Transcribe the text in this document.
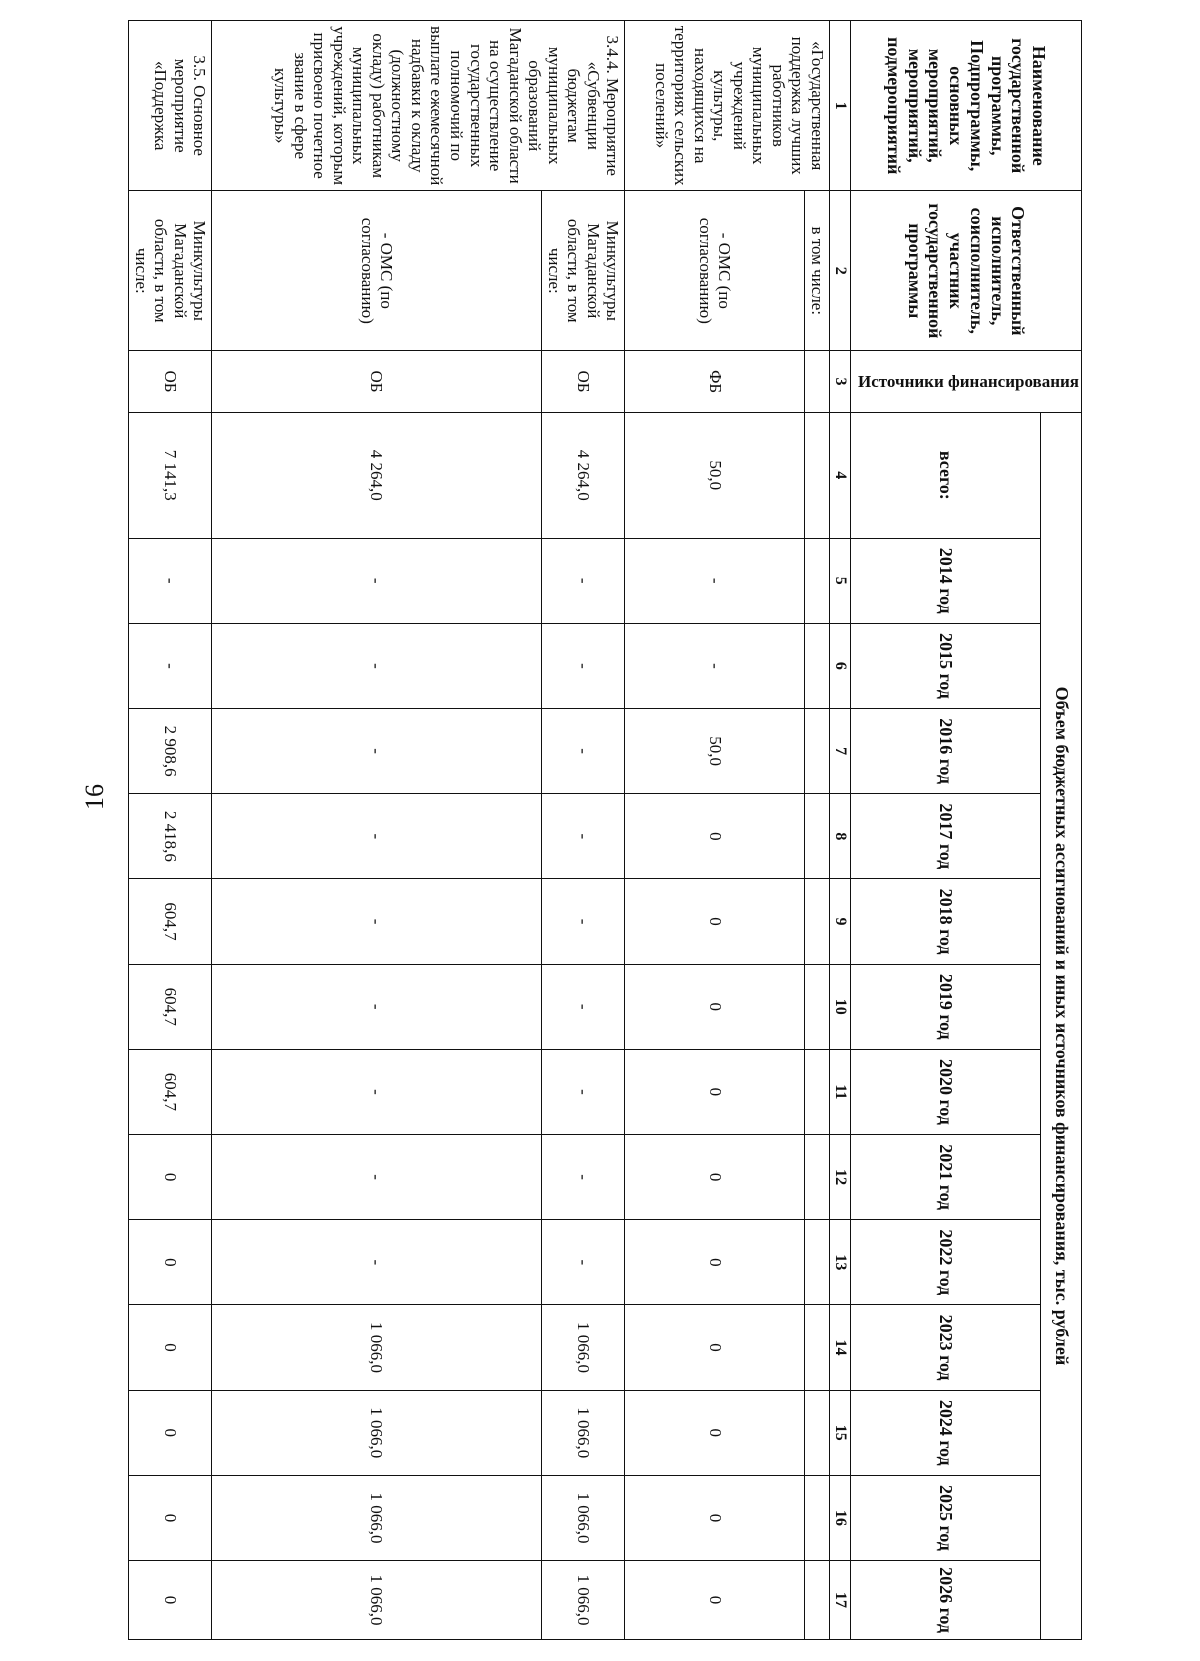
16
Наименование государственной программы, Подпрограммы, основных мероприятий, мероприятий, подмероприятий	Ответственный исполнитель, соисполнитель, участник государственной программы	Источники финансирования	Объем бюджетных ассигнований и иных источников финансирования, тыс. рублей													
			всего:	2014 год	2015 год	2016 год	2017 год	2018 год	2019 год	2020 год	2021 год	2022 год	2023 год	2024 год	2025 год	2026 год
1	2	3	4	5	6	7	8	9	10	11	12	13	14	15	16	17
«Государственная поддержка лучших работников муниципальных учреждений культуры, находящихся на территориях сельских поселений»	в том числе:															
	- ОМС (по согласованию)	ФБ	50,0	-	-	50,0	0	0	0	0	0	0	0	0	0	0
3.4.4. Мероприятие «Субвенции бюджетам муниципальных образований Магаданской области на осуществление государственных полномочий по выплате ежемесячной надбавки к окладу (должностному окладу) работникам муниципальных учреждений, которым присвоено почетное звание в сфере культуры»	Минкультуры Магаданской области, в том числе:	ОБ	4 264,0	-	-	-	-	-	-	-	-	-	1 066,0	1 066,0	1 066,0	1 066,0
	- ОМС (по согласованию)	ОБ	4 264,0	-	-	-	-	-	-	-	-	-	1 066,0	1 066,0	1 066,0	1 066,0
3.5. Основное мероприятие «Поддержка	Минкультуры Магаданской области, в том числе:	ОБ	7 141,3	-	-	2 908,6	2 418,6	604,7	604,7	604,7	0	0	0	0	0	0
